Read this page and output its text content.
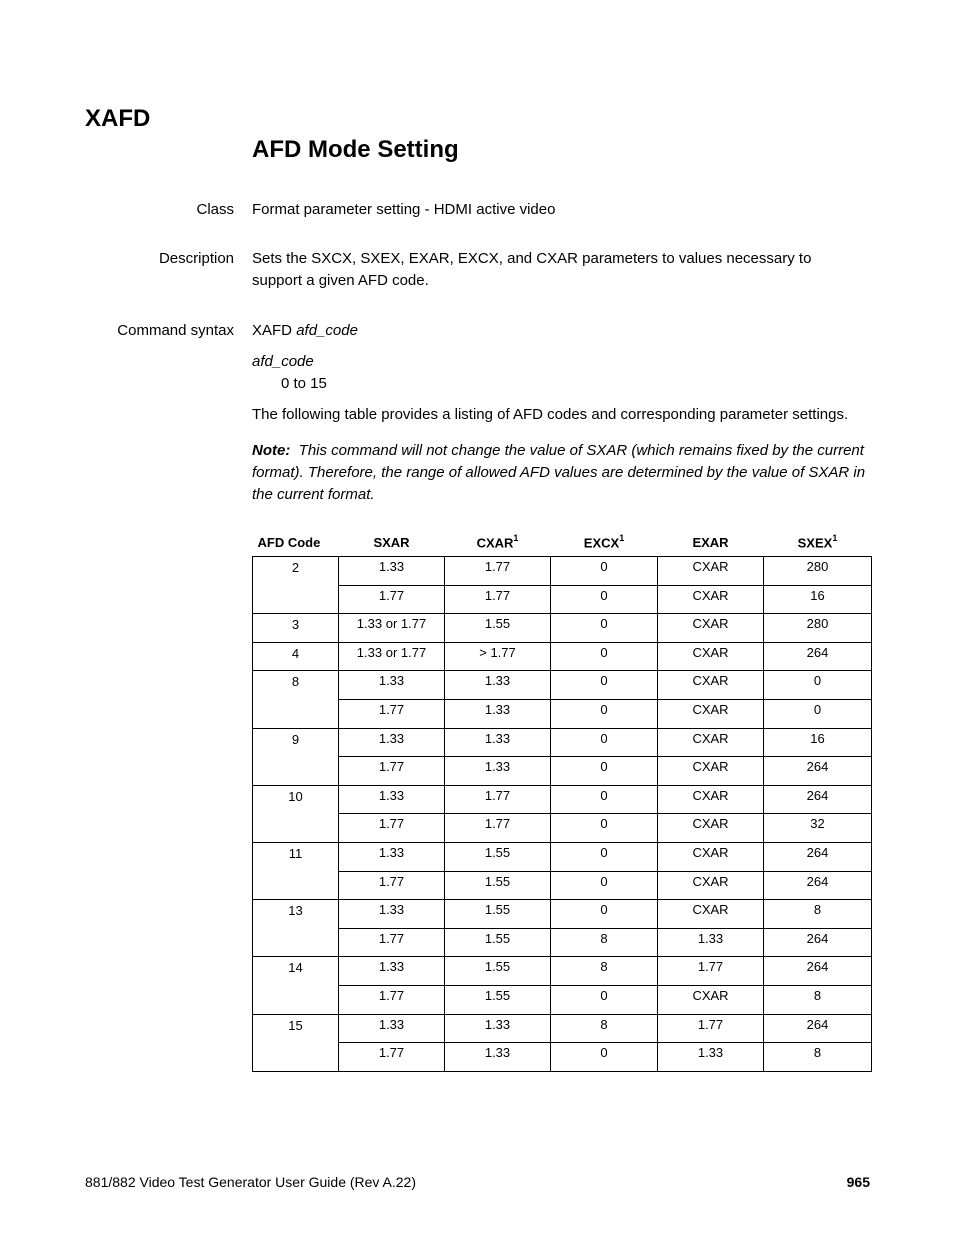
XAFD
AFD Mode Setting
Class Format parameter setting - HDMI active video
Description Sets the SXCX, SXEX, EXAR, EXCX, and CXAR parameters to values necessary to support a given AFD code.
Command syntax XAFD afd_code
afd_code
0 to 15
The following table provides a listing of AFD codes and corresponding parameter settings.
Note: This command will not change the value of SXAR (which remains fixed by the current format). Therefore, the range of allowed AFD values are determined by the value of SXAR in the current format.
AFD Code	SXAR	CXAR$^1$	EXCX$^1$	EXAR	SXEX$^1$
2	1.33	1.77	0	CXAR	280
	1.77	1.77	0	CXAR	16
3	1.33 or 1.77	1.55	0	CXAR	280
4	1.33 or 1.77	> 1.77	0	CXAR	264
8	1.33	1.33	0	CXAR	0
	1.77	1.33	0	CXAR	0
9	1.33	1.33	0	CXAR	16
	1.77	1.33	0	CXAR	264
10	1.33	1.77	0	CXAR	264
	1.77	1.77	0	CXAR	32
11	1.33	1.55	0	CXAR	264
	1.77	1.55	0	CXAR	264
13	1.33	1.55	0	CXAR	8
	1.77	1.55	8	1.33	264
14	1.33	1.55	8	1.77	264
	1.77	1.55	0	CXAR	8
15	1.33	1.33	8	1.77	264
	1.77	1.33	0	1.33	8
881/882 Video Test Generator User Guide (Rev A.22)	965
